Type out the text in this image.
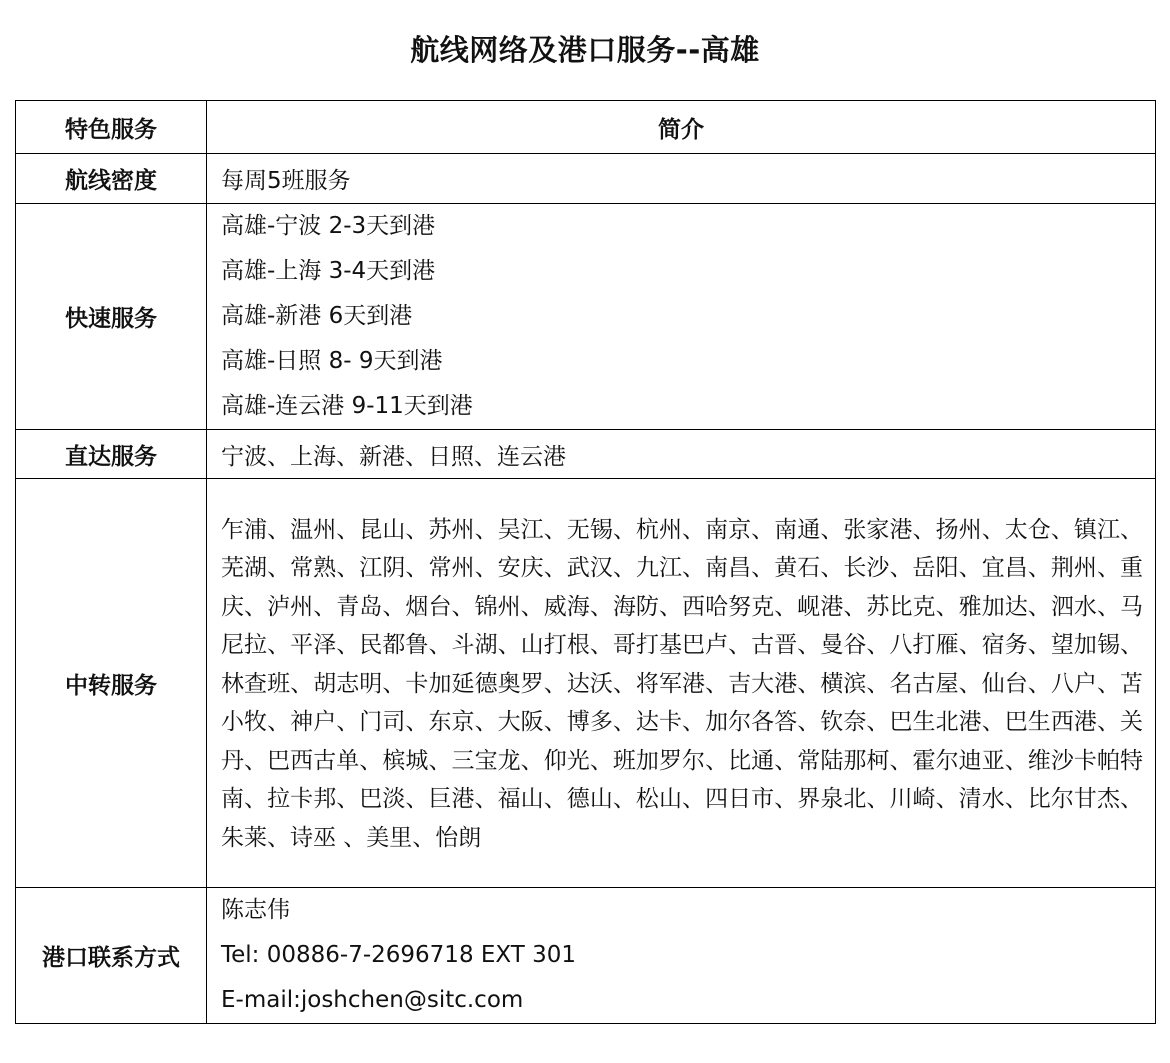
航线网络及港口服务--高雄
特色服务	简介
航线密度	每周5班服务
快速服务	高雄-宁波 2-3天到港
高雄-上海 3-4天到港
高雄-新港 6天到港
高雄-日照 8- 9天到港
高雄-连云港 9-11天到港

直达服务	宁波、上海、新港、日照、连云港
中转服务	乍浦、温州、昆山、苏州、吴江、无锡、杭州、南京、南通、张家港、扬州、太仓、镇江、芜湖、常熟、江阴、常州、安庆、武汉、九江、南昌、黄石、长沙、岳阳、宜昌、荆州、重庆、泸州、青岛、烟台、锦州、威海、海防、西哈努克、岘港、苏比克、雅加达、泗水、马尼拉、平泽、民都鲁、斗湖、山打根、哥打基巴卢、古晋、曼谷、八打雁、宿务、望加锡、林查班、胡志明、卡加延德奥罗、达沃、将军港、吉大港、横滨、名古屋、仙台、八户、苫小牧、神户、门司、东京、大阪、博多、达卡、加尔各答、钦奈、巴生北港、巴生西港、关丹、巴西古单、槟城、三宝龙、仰光、班加罗尔、比通、常陆那柯、霍尔迪亚、维沙卡帕特南、拉卡邦、巴淡、巨港、福山、德山、松山、四日市、界泉北、川崎、清水、比尔甘杰、朱莱、诗巫 、美里、怡朗

港口联系方式	陈志伟
Tel: 00886-7-2696718 EXT 301
E-mail:joshchen@sitc.com
